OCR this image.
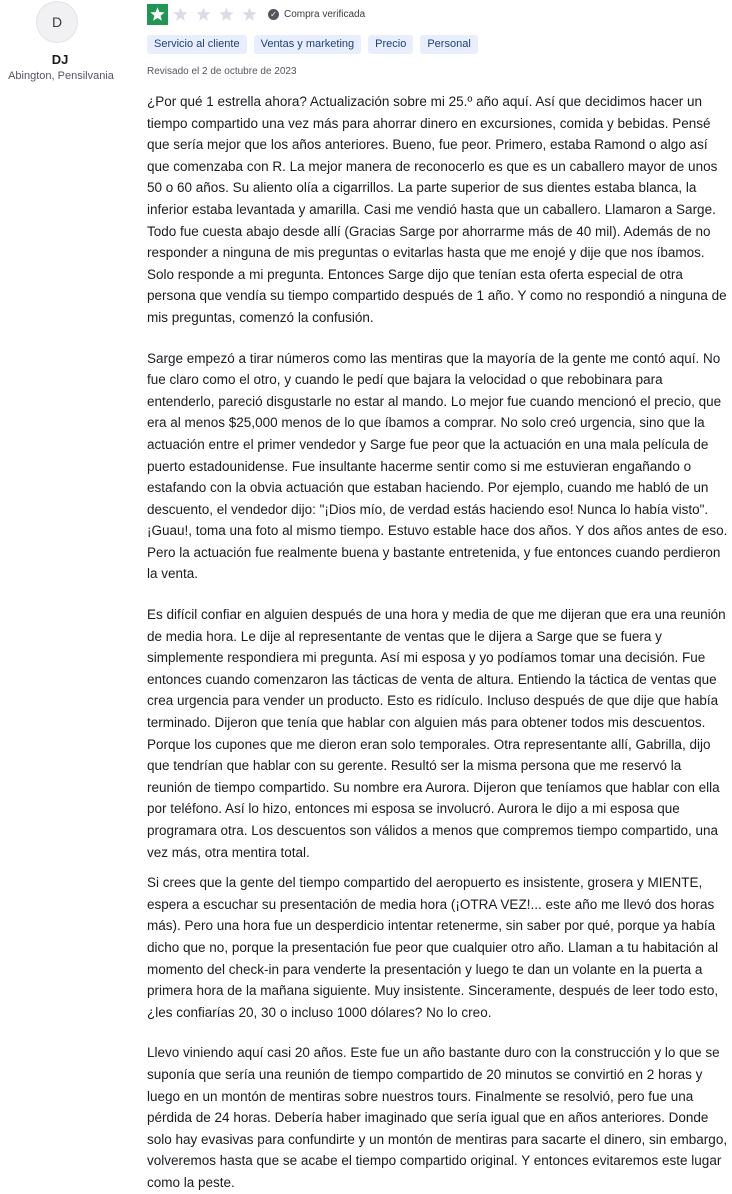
D
DJ
Abington, Pensilvania
✓ Compra verificada
Servicio al cliente	Ventas y marketing	Precio	Personal
Revisado el 2 de octubre de 2023

¿Por qué 1 estrella ahora? Actualización sobre mi 25.º año aquí. Así que decidimos hacer un tiempo compartido una vez más para ahorrar dinero en excursiones, comida y bebidas. Pensé que sería mejor que los años anteriores. Bueno, fue peor. Primero, estaba Ramond o algo así que comenzaba con R. La mejor manera de reconocerlo es que es un caballero mayor de unos 50 o 60 años. Su aliento olía a cigarrillos. La parte superior de sus dientes estaba blanca, la inferior estaba levantada y amarilla. Casi me vendió hasta que un caballero. Llamaron a Sarge. Todo fue cuesta abajo desde allí (Gracias Sarge por ahorrarme más de 40 mil). Además de no responder a ninguna de mis preguntas o evitarlas hasta que me enojé y dije que nos íbamos. Solo responde a mi pregunta. Entonces Sarge dijo que tenían esta oferta especial de otra persona que vendía su tiempo compartido después de 1 año. Y como no respondió a ninguna de mis preguntas, comenzó la confusión.

Sarge empezó a tirar números como las mentiras que la mayoría de la gente me contó aquí. No fue claro como el otro, y cuando le pedí que bajara la velocidad o que rebobinara para entenderlo, pareció disgustarle no estar al mando. Lo mejor fue cuando mencionó el precio, que era al menos $25,000 menos de lo que íbamos a comprar. No solo creó urgencia, sino que la actuación entre el primer vendedor y Sarge fue peor que la actuación en una mala película de puerto estadounidense. Fue insultante hacerme sentir como si me estuvieran engañando o estafando con la obvia actuación que estaban haciendo. Por ejemplo, cuando me habló de un descuento, el vendedor dijo: "¡Dios mío, de verdad estás haciendo eso! Nunca lo había visto". ¡Guau!, toma una foto al mismo tiempo. Estuvo estable hace dos años. Y dos años antes de eso. Pero la actuación fue realmente buena y bastante entretenida, y fue entonces cuando perdieron la venta.

Es difícil confiar en alguien después de una hora y media de que me dijeran que era una reunión de media hora. Le dije al representante de ventas que le dijera a Sarge que se fuera y simplemente respondiera mi pregunta. Así mi esposa y yo podíamos tomar una decisión. Fue entonces cuando comenzaron las tácticas de venta de altura. Entiendo la táctica de ventas que crea urgencia para vender un producto. Esto es ridículo. Incluso después de que dije que había terminado. Dijeron que tenía que hablar con alguien más para obtener todos mis descuentos. Porque los cupones que me dieron eran solo temporales. Otra representante allí, Gabrilla, dijo que tendrían que hablar con su gerente. Resultó ser la misma persona que me reservó la reunión de tiempo compartido. Su nombre era Aurora. Dijeron que teníamos que hablar con ella por teléfono. Así lo hizo, entonces mi esposa se involucró. Aurora le dijo a mi esposa que programara otra. Los descuentos son válidos a menos que compremos tiempo compartido, una vez más, otra mentira total.

Si crees que la gente del tiempo compartido del aeropuerto es insistente, grosera y MIENTE, espera a escuchar su presentación de media hora (¡OTRA VEZ!... este año me llevó dos horas más). Pero una hora fue un desperdicio intentar retenerme, sin saber por qué, porque ya había dicho que no, porque la presentación fue peor que cualquier otro año. Llaman a tu habitación al momento del check-in para venderte la presentación y luego te dan un volante en la puerta a primera hora de la mañana siguiente. Muy insistente. Sinceramente, después de leer todo esto, ¿les confiarías 20, 30 o incluso 1000 dólares? No lo creo.

Llevo viniendo aquí casi 20 años. Este fue un año bastante duro con la construcción y lo que se suponía que sería una reunión de tiempo compartido de 20 minutos se convirtió en 2 horas y luego en un montón de mentiras sobre nuestros tours. Finalmente se resolvió, pero fue una pérdida de 24 horas. Debería haber imaginado que sería igual que en años anteriores. Donde solo hay evasivas para confundirte y un montón de mentiras para sacarte el dinero, sin embargo, volveremos hasta que se acabe el tiempo compartido original. Y entonces evitaremos este lugar como la peste.
